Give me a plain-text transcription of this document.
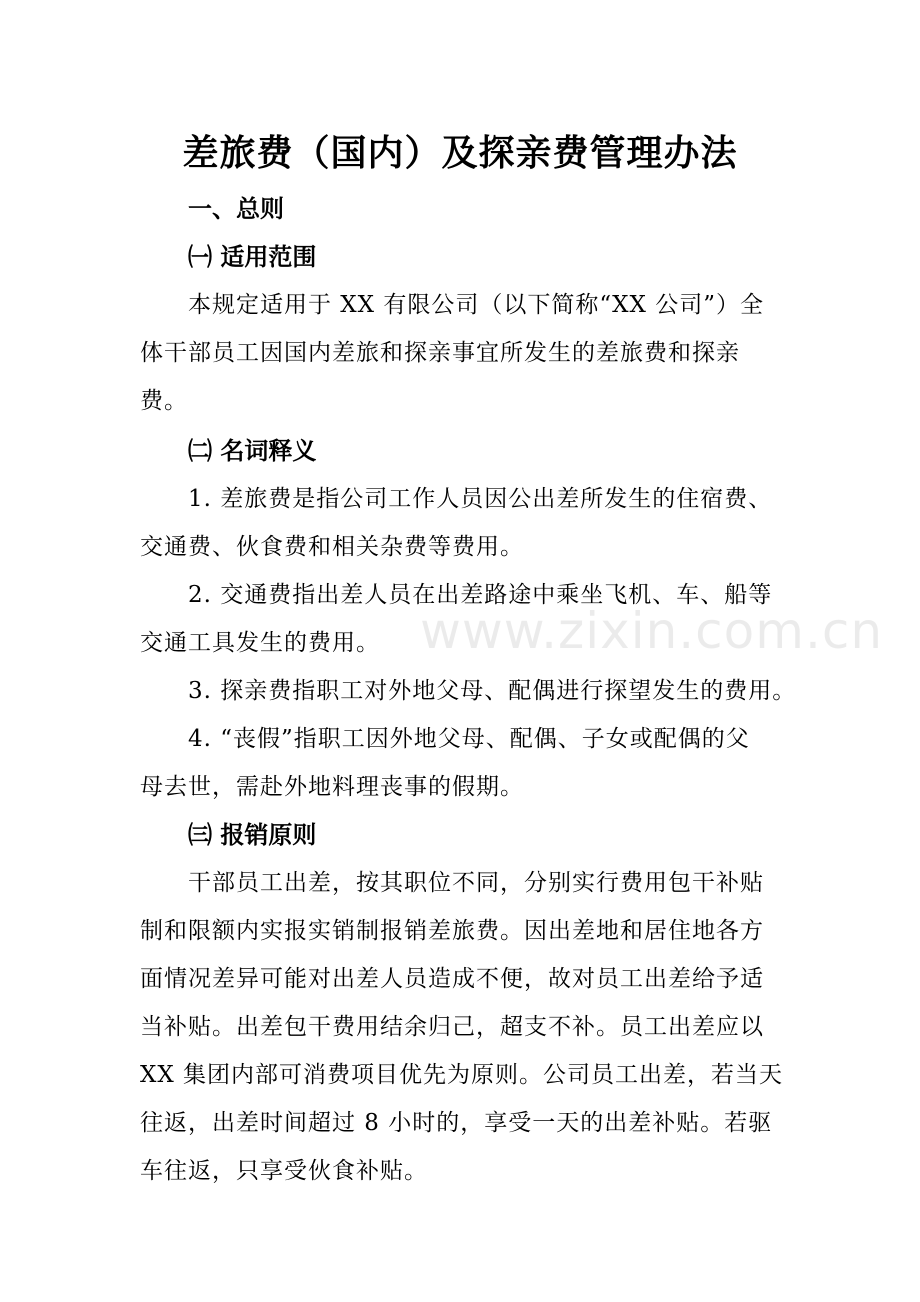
差旅费（国内）及探亲费管理办法
一、总则
㈠ 适用范围
本规定适用于 XX 有限公司（以下简称“XX 公司”）全
体干部员工因国内差旅和探亲事宜所发生的差旅费和探亲
费。
㈡ 名词释义
1. 差旅费是指公司工作人员因公出差所发生的住宿费、
交通费、伙食费和相关杂费等费用。
2. 交通费指出差人员在出差路途中乘坐飞机、车、船等
交通工具发生的费用。
3. 探亲费指职工对外地父母、配偶进行探望发生的费用。
4. “丧假”指职工因外地父母、配偶、子女或配偶的父
母去世，需赴外地料理丧事的假期。
㈢ 报销原则
干部员工出差，按其职位不同，分别实行费用包干补贴
制和限额内实报实销制报销差旅费。因出差地和居住地各方
面情况差异可能对出差人员造成不便，故对员工出差给予适
当补贴。出差包干费用结余归己，超支不补。员工出差应以
XX 集团内部可消费项目优先为原则。公司员工出差，若当天
往返，出差时间超过 8 小时的，享受一天的出差补贴。若驱
车往返，只享受伙食补贴。
www.zixin.com.cn
